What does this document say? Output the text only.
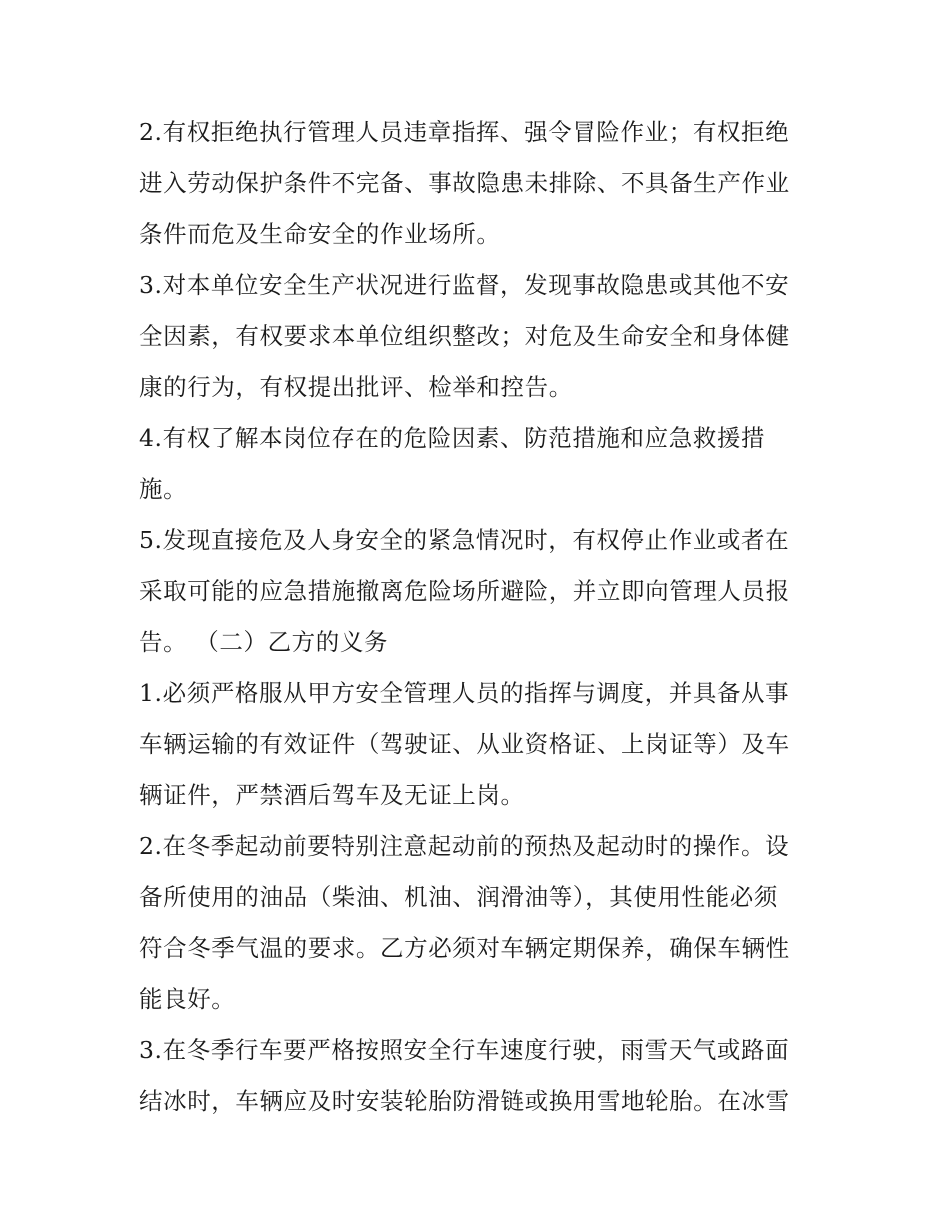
2.有权拒绝执行管理人员违章指挥、强令冒险作业；有权拒绝
进入劳动保护条件不完备、事故隐患未排除、不具备生产作业
条件而危及生命安全的作业场所。
3.对本单位安全生产状况进行监督，发现事故隐患或其他不安
全因素，有权要求本单位组织整改；对危及生命安全和身体健
康的行为，有权提出批评、检举和控告。
4.有权了解本岗位存在的危险因素、防范措施和应急救援措
施。
5.发现直接危及人身安全的紧急情况时，有权停止作业或者在
采取可能的应急措施撤离危险场所避险，并立即向管理人员报
告。 （二）乙方的义务
1.必须严格服从甲方安全管理人员的指挥与调度，并具备从事
车辆运输的有效证件（驾驶证、从业资格证、上岗证等）及车
辆证件，严禁酒后驾车及无证上岗。
2.在冬季起动前要特别注意起动前的预热及起动时的操作。设
备所使用的油品（柴油、机油、润滑油等），其使用性能必须
符合冬季气温的要求。乙方必须对车辆定期保养，确保车辆性
能良好。
3.在冬季行车要严格按照安全行车速度行驶，雨雪天气或路面
结冰时，车辆应及时安装轮胎防滑链或换用雪地轮胎。在冰雪
